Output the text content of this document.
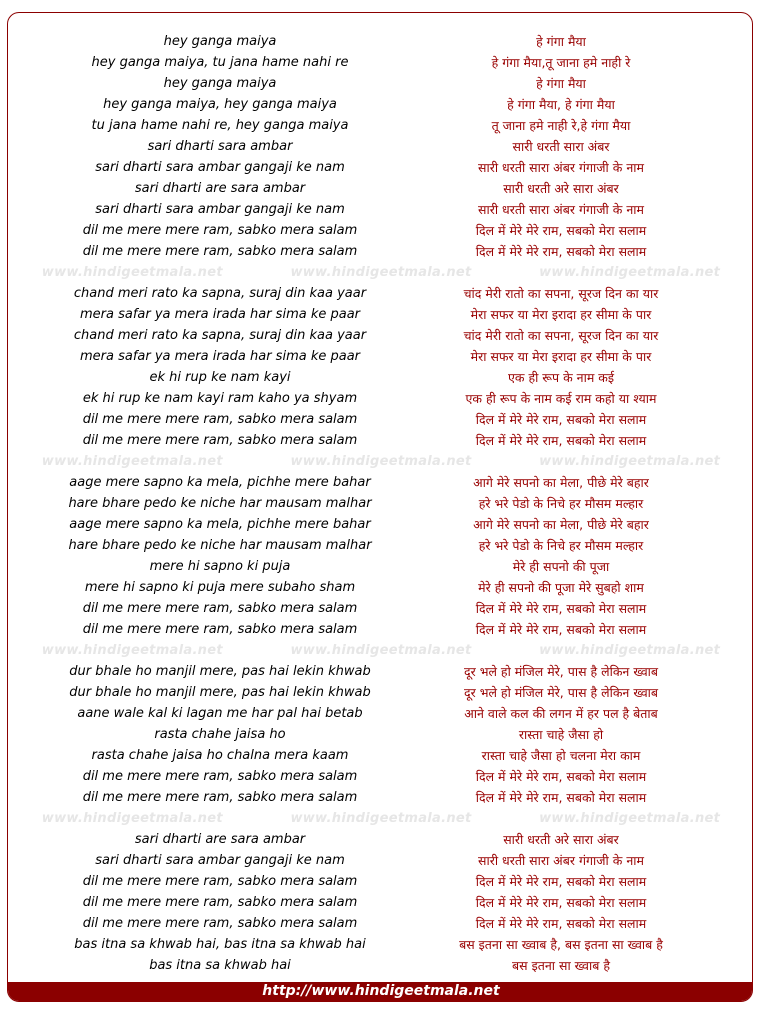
hey ganga maiya
hey ganga maiya, tu jana hame nahi re
hey ganga maiya
hey ganga maiya, hey ganga maiya
tu jana hame nahi re, hey ganga maiya
sari dharti sara ambar
sari dharti sara ambar gangaji ke nam
sari dharti are sara ambar
sari dharti sara ambar gangaji ke nam
dil me mere mere ram, sabko mera salam
dil me mere mere ram, sabko mera salam
chand meri rato ka sapna, suraj din kaa yaar
mera safar ya mera irada har sima ke paar
chand meri rato ka sapna, suraj din kaa yaar
mera safar ya mera irada har sima ke paar
ek hi rup ke nam kayi
ek hi rup ke nam kayi ram kaho ya shyam
dil me mere mere ram, sabko mera salam
dil me mere mere ram, sabko mera salam
aage mere sapno ka mela, pichhe mere bahar
hare bhare pedo ke niche har mausam malhar
aage mere sapno ka mela, pichhe mere bahar
hare bhare pedo ke niche har mausam malhar
mere hi sapno ki puja
mere hi sapno ki puja mere subaho sham
dil me mere mere ram, sabko mera salam
dil me mere mere ram, sabko mera salam
dur bhale ho manjil mere, pas hai lekin khwab
dur bhale ho manjil mere, pas hai lekin khwab
aane wale kal ki lagan me har pal hai betab
rasta chahe jaisa ho
rasta chahe jaisa ho chalna mera kaam
dil me mere mere ram, sabko mera salam
dil me mere mere ram, sabko mera salam
sari dharti are sara ambar
sari dharti sara ambar gangaji ke nam
dil me mere mere ram, sabko mera salam
dil me mere mere ram, sabko mera salam
dil me mere mere ram, sabko mera salam
bas itna sa khwab hai, bas itna sa khwab hai
bas itna sa khwab hai
हे गंगा मैया
हे गंगा मैया,तू जाना हमे नाही रे
हे गंगा मैया
हे गंगा मैया, हे गंगा मैया
तू जाना हमे नाही रे,हे गंगा मैया
सारी धरती सारा अंबर
सारी धरती सारा अंबर गंगाजी के नाम
सारी धरती अरे सारा अंबर
सारी धरती सारा अंबर गंगाजी के नाम
दिल में मेरे मेरे राम, सबको मेरा सलाम
दिल में मेरे मेरे राम, सबको मेरा सलाम
चांद मेरी रातो का सपना, सूरज दिन का यार
मेरा सफर या मेरा इरादा हर सीमा के पार
चांद मेरी रातो का सपना, सूरज दिन का यार
मेरा सफर या मेरा इरादा हर सीमा के पार
एक ही रूप के नाम कई
एक ही रूप के नाम कई राम कहो या श्याम
दिल में मेरे मेरे राम, सबको मेरा सलाम
दिल में मेरे मेरे राम, सबको मेरा सलाम
आगे मेरे सपनो का मेला, पीछे मेरे बहार
हरे भरे पेडो के निचे हर मौसम मल्हार
आगे मेरे सपनो का मेला, पीछे मेरे बहार
हरे भरे पेडो के निचे हर मौसम मल्हार
मेरे ही सपनो की पूजा
मेरे ही सपनो की पूजा मेरे सुबहो शाम
दिल में मेरे मेरे राम, सबको मेरा सलाम
दिल में मेरे मेरे राम, सबको मेरा सलाम
दूर भले हो मंजिल मेरे, पास है लेकिन ख्वाब
दूर भले हो मंजिल मेरे, पास है लेकिन ख्वाब
आने वाले कल की लगन में हर पल है बेताब
रास्ता चाहे जैसा हो
रास्ता चाहे जैसा हो चलना मेरा काम
दिल में मेरे मेरे राम, सबको मेरा सलाम
दिल में मेरे मेरे राम, सबको मेरा सलाम
सारी धरती अरे सारा अंबर
सारी धरती सारा अंबर गंगाजी के नाम
दिल में मेरे मेरे राम, सबको मेरा सलाम
दिल में मेरे मेरे राम, सबको मेरा सलाम
दिल में मेरे मेरे राम, सबको मेरा सलाम
बस इतना सा ख्वाब है, बस इतना सा ख्वाब है
बस इतना सा ख्वाब है
www.hindigeetmala.net	www.hindigeetmala.net	www.hindigeetmala.net
www.hindigeetmala.net	www.hindigeetmala.net	www.hindigeetmala.net
www.hindigeetmala.net	www.hindigeetmala.net	www.hindigeetmala.net
www.hindigeetmala.net	www.hindigeetmala.net	www.hindigeetmala.net
http://www.hindigeetmala.net
